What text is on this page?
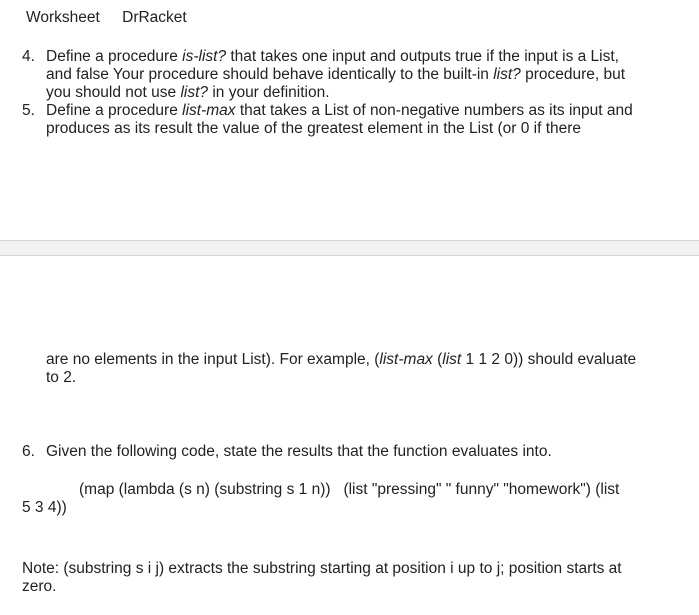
Worksheet DrRacket
4. Define a procedure is-list? that takes one input and outputs true if the input is a List, and false Your procedure should behave identically to the built-in list? procedure, but you should not use list? in your definition.
5. Define a procedure list-max that takes a List of non-negative numbers as its input and produces as its result the value of the greatest element in the List (or 0 if there
are no elements in the input List). For example, (list-max (list 1 1 2 0)) should evaluate to 2.
6. Given the following code, state the results that the function evaluates into.
(map (lambda (s n) (substring s 1 n))   (list "pressing" " funny" "homework") (list
5 3 4))
Note: (substring s i j) extracts the substring starting at position i up to j; position starts at zero.
